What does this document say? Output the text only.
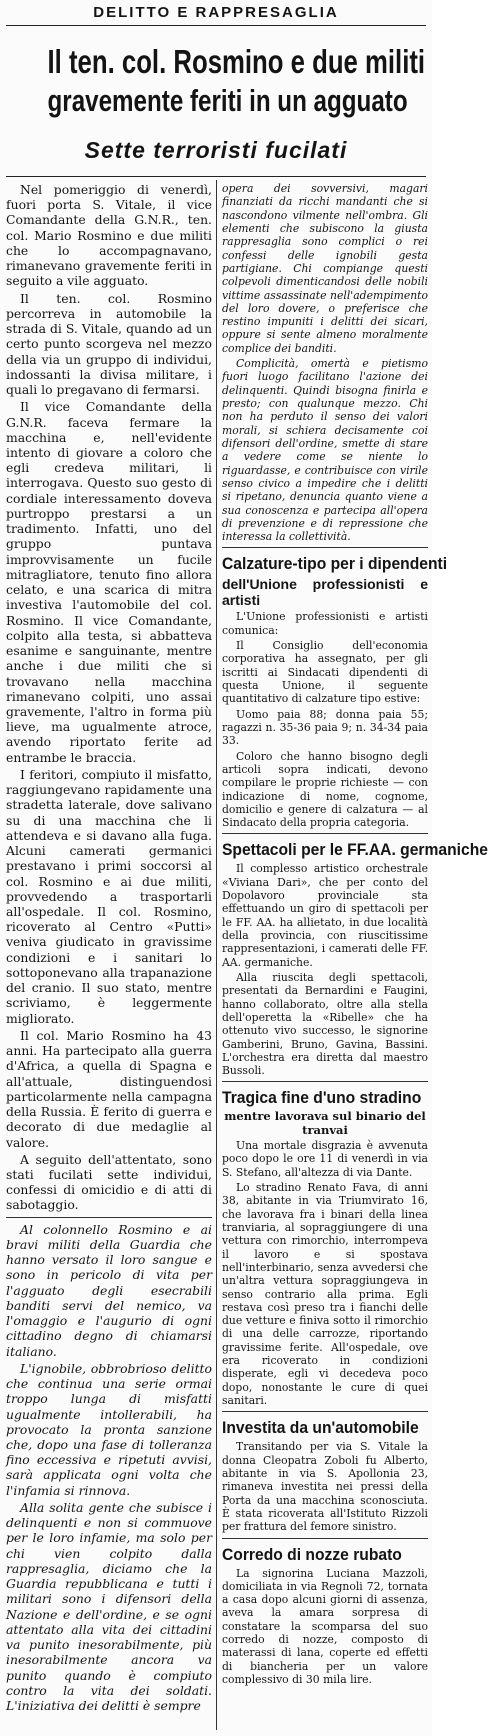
DELITTO E RAPPRESAGLIA
Il ten. col. Rosmino e due militi
gravemente feriti in un agguato
Sette terroristi fucilati

Nel pomeriggio di venerdì, fuori porta S. Vitale, il vice Comandante della G.N.R., ten. col. Mario Rosmino e due militi che lo accompagnavano, rimanevano gravemente feriti in seguito a vile agguato.

Il ten. col. Rosmino percorreva in automobile la strada di S. Vitale, quando ad un certo punto scorgeva nel mezzo della via un gruppo di individui, indossanti la divisa militare, i quali lo pregavano di fermarsi.

Il vice Comandante della G.N.R. faceva fermare la macchina e, nell'evidente intento di giovare a coloro che egli credeva militari, li interrogava. Questo suo gesto di cordiale interessamento doveva purtroppo prestarsi a un tradimento. Infatti, uno del gruppo puntava improvvisamente un fucile mitragliatore, tenuto fino allora celato, e una scarica di mitra investiva l'automobile del col. Rosmino. Il vice Comandante, colpito alla testa, si abbatteva esanime e sanguinante, mentre anche i due militi che si trovavano nella macchina rimanevano colpiti, uno assai gravemente, l'altro in forma più lieve, ma ugualmente atroce, avendo riportato ferite ad entrambe le braccia.

I feritori, compiuto il misfatto, raggiungevano rapidamente una stradetta laterale, dove salivano su di una macchina che li attendeva e si davano alla fuga. Alcuni camerati germanici prestavano i primi soccorsi al col. Rosmino e ai due militi, provvedendo a trasportarli all'ospedale. Il col. Rosmino, ricoverato al Centro «Putti» veniva giudicato in gravissime condizioni e i sanitari lo sottoponevano alla trapanazione del cranio. Il suo stato, mentre scriviamo, è leggermente migliorato.

Il col. Mario Rosmino ha 43 anni. Ha partecipato alla guerra d'Africa, a quella di Spagna e all'attuale, distinguendosi particolarmente nella campagna della Russia. È ferito di guerra e decorato di due medaglie al valore.

A seguito dell'attentato, sono stati fucilati sette individui, confessi di omicidio e di atti di sabotaggio.

Al colonnello Rosmino e ai bravi militi della Guardia che hanno versato il loro sangue e sono in pericolo di vita per l'agguato degli esecrabili banditi servi del nemico, va l'omaggio e l'augurio di ogni cittadino degno di chiamarsi italiano.

L'ignobile, obbrobrioso delitto che continua una serie ormai troppo lunga di misfatti ugualmente intollerabili, ha provocato la pronta sanzione che, dopo una fase di tolleranza fino eccessiva e ripetuti avvisi, sarà applicata ogni volta che l'infamia si rinnova.

Alla solita gente che subisce i delinquenti e non si commuove per le loro infamie, ma solo per chi vien colpito dalla rappresaglia, diciamo che la Guardia repubblicana e tutti i militari sono i difensori della Nazione e dell'ordine, e se ogni attentato alla vita dei cittadini va punito inesorabilmente, più inesorabilmente ancora va punito quando è compiuto contro la vita dei soldati. L'iniziativa dei delitti è sempre

opera dei sovversivi, magari finanziati da ricchi mandanti che si nascondono vilmente nell'ombra. Gli elementi che subiscono la giusta rappresaglia sono complici o rei confessi delle ignobili gesta partigiane. Chi compiange questi colpevoli dimenticandosi delle nobili vittime assassinate nell'adempimento del loro dovere, o preferisce che restino impuniti i delitti dei sicari, oppure si sente almeno moralmente complice dei banditi.

Complicità, omertà e pietismo fuori luogo facilitano l'azione dei delinquenti. Quindi bisogna finirla e presto; con qualunque mezzo. Chi non ha perduto il senso dei valori morali, si schiera decisamente coi difensori dell'ordine, smette di stare a vedere come se niente lo riguardasse, e contribuisce con virile senso civico a impedire che i delitti si ripetano, denuncia quanto viene a sua conoscenza e partecipa all'opera di prevenzione e di repressione che interessa la collettività.

Calzature-tipo per i dipendenti

dell'Unione professionisti e artisti

L'Unione professionisti e artisti comunica:

Il Consiglio dell'economia corporativa ha assegnato, per gli iscritti ai Sindacati dipendenti di questa Unione, il seguente quantitativo di calzature tipo estive:

Uomo paia 88; donna paia 55; ragazzi n. 35-36 paia 9; n. 34-34 paia 33.

Coloro che hanno bisogno degli articoli sopra indicati, devono compilare le proprie richieste — con indicazione di nome, cognome, domicilio e genere di calzatura — al Sindacato della propria categoria.

Spettacoli per le FF.AA. germaniche

Il complesso artistico orchestrale «Viviana Dari», che per conto del Dopolavoro provinciale sta effettuando un giro di spettacoli per le FF. AA. ha allietato, in due località della provincia, con riuscitissime rappresentazioni, i camerati delle FF. AA. germaniche.

Alla riuscita degli spettacoli, presentati da Bernardini e Faugini, hanno collaborato, oltre alla stella dell'operetta la «Ribelle» che ha ottenuto vivo successo, le signorine Gamberini, Bruno, Gavina, Bassini. L'orchestra era diretta dal maestro Bussoli.

Tragica fine d'uno stradino

mentre lavorava sul binario del tranvai

Una mortale disgrazia è avvenuta poco dopo le ore 11 di venerdì in via S. Stefano, all'altezza di via Dante.

Lo stradino Renato Fava, di anni 38, abitante in via Triumvirato 16, che lavorava fra i binari della linea tranviaria, al sopraggiungere di una vettura con rimorchio, interrompeva il lavoro e si spostava nell'interbinario, senza avvedersi che un'altra vettura sopraggiungeva in senso contrario alla prima. Egli restava così preso tra i fianchi delle due vetture e finiva sotto il rimorchio di una delle carrozze, riportando gravissime ferite. All'ospedale, ove era ricoverato in condizioni disperate, egli vi decedeva poco dopo, nonostante le cure di quei sanitari.

Investita da un'automobile

Transitando per via S. Vitale la donna Cleopatra Zoboli fu Alberto, abitante in via S. Apollonia 23, rimaneva investita nei pressi della Porta da una macchina sconosciuta. È stata ricoverata all'Istituto Rizzoli per frattura del femore sinistro.

Corredo di nozze rubato

La signorina Luciana Mazzoli, domiciliata in via Regnoli 72, tornata a casa dopo alcuni giorni di assenza, aveva la amara sorpresa di constatare la scomparsa del suo corredo di nozze, composto di materassi di lana, coperte ed effetti di biancheria per un valore complessivo di 30 mila lire.
